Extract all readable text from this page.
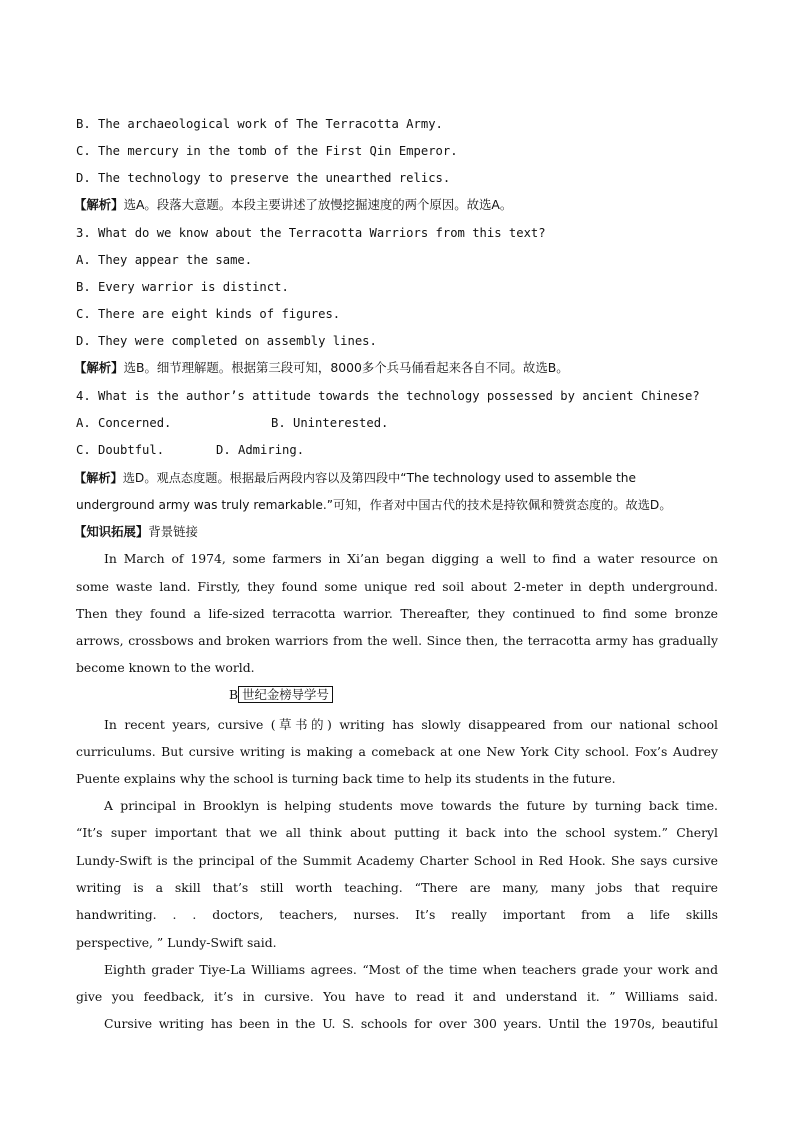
B. The archaeological work of The Terracotta Army.
C. The mercury in the tomb of the First Qin Emperor.
D. The technology to preserve the unearthed relics.
【解析】选A。段落大意题。本段主要讲述了放慢挖掘速度的两个原因。故选A。
3. What do we know about the Terracotta Warriors from this text?
A. They appear the same.
B. Every warrior is distinct.
C. There are eight kinds of figures.
D. They were completed on assembly lines.
【解析】选B。细节理解题。根据第三段可知，8000多个兵马俑看起来各自不同。故选B。
4. What is the author’s attitude towards the technology possessed by ancient Chinese?
A. Concerned.	B. Uninterested.
C. Doubtful.	D. Admiring.
【解析】选D。观点态度题。根据最后两段内容以及第四段中“The technology used to assemble the
underground army was truly remarkable.”可知，作者对中国古代的技术是持钦佩和赞赏态度的。故选D。
【知识拓展】背景链接
In March of 1974, some farmers in Xi’an began digging a well to find a water resource on
some waste land. Firstly, they found some unique red soil about 2-meter in depth underground.
Then they found a life-sized terracotta warrior. Thereafter, they continued to find some bronze
arrows, crossbows and broken warriors from the well. Since then, the terracotta army has gradually
become known to the world.
B 世纪金榜导学号
In recent years, cursive (草书的) writing has slowly disappeared from our national school
curriculums. But cursive writing is making a comeback at one New York City school. Fox’s Audrey
Puente explains why the school is turning back time to help its students in the future.
A principal in Brooklyn is helping students move towards the future by turning back time.
“It’s super important that we all think about putting it back into the school system.” Cheryl
Lundy-Swift is the principal of the Summit Academy Charter School in Red Hook. She says cursive
writing is a skill that’s still worth teaching. “There are many, many jobs that require
handwriting. . . doctors, teachers, nurses. It’s really important from a life skills
perspective, ” Lundy-Swift said.
Eighth grader Tiye-La Williams agrees. “Most of the time when teachers grade your work and
give you feedback, it’s in cursive. You have to read it and understand it. ” Williams said.
Cursive writing has been in the U. S. schools for over 300 years. Until the 1970s, beautiful
